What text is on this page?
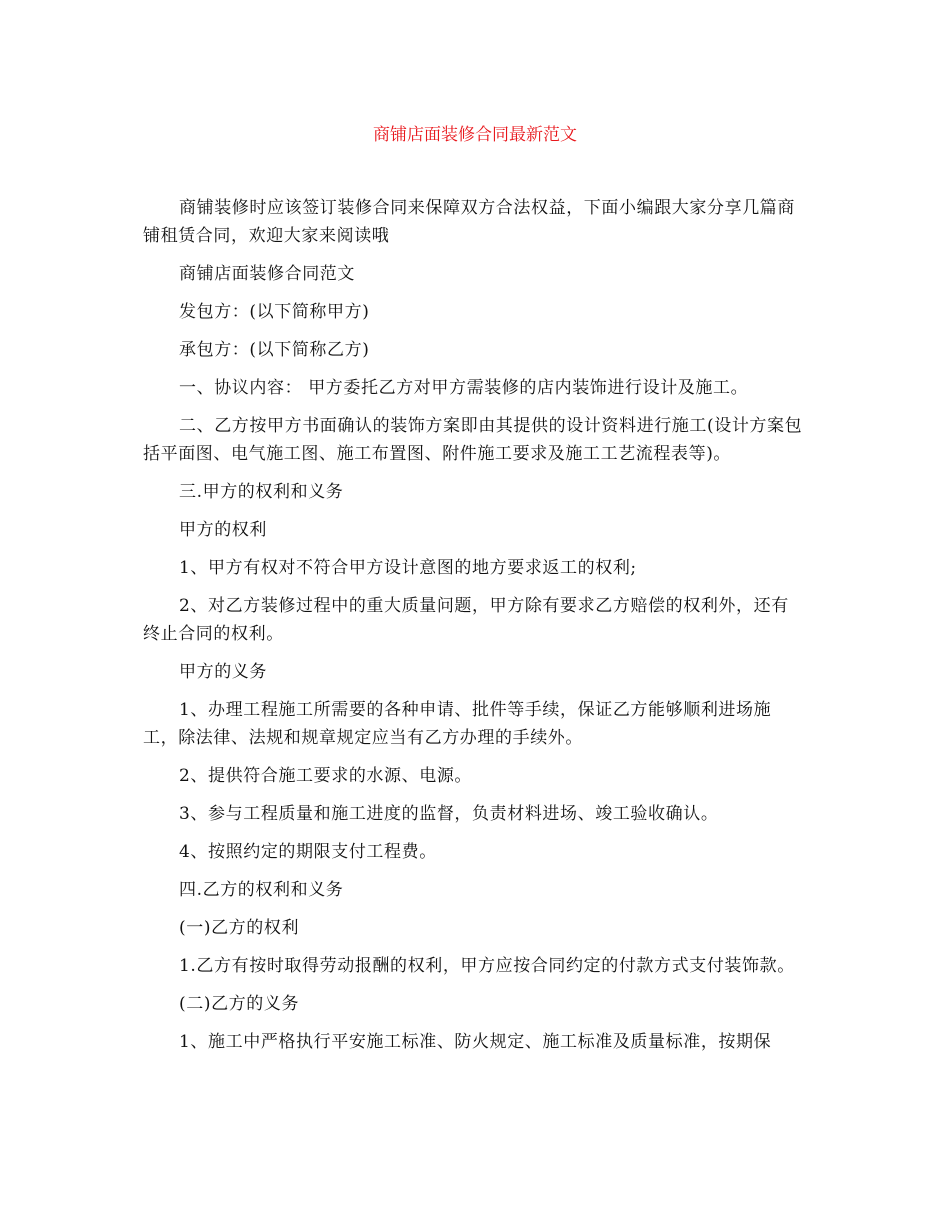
商铺店面装修合同最新范文

商铺装修时应该签订装修合同来保障双方合法权益，下面小编跟大家分享几篇商铺租赁合同，欢迎大家来阅读哦

商铺店面装修合同范文

发包方：(以下简称甲方)

承包方：(以下简称乙方)

一、协议内容： 甲方委托乙方对甲方需装修的店内装饰进行设计及施工。

二、乙方按甲方书面确认的装饰方案即由其提供的设计资料进行施工(设计方案包括平面图、电气施工图、施工布置图、附件施工要求及施工工艺流程表等)。

三.甲方的权利和义务

甲方的权利

1、甲方有权对不符合甲方设计意图的地方要求返工的权利;

2、对乙方装修过程中的重大质量问题，甲方除有要求乙方赔偿的权利外，还有终止合同的权利。

甲方的义务

1、办理工程施工所需要的各种申请、批件等手续，保证乙方能够顺利进场施工，除法律、法规和规章规定应当有乙方办理的手续外。

2、提供符合施工要求的水源、电源。

3、参与工程质量和施工进度的监督，负责材料进场、竣工验收确认。

4、按照约定的期限支付工程费。

四.乙方的权利和义务

(一)乙方的权利

1.乙方有按时取得劳动报酬的权利，甲方应按合同约定的付款方式支付装饰款。

(二)乙方的义务

1、施工中严格执行平安施工标准、防火规定、施工标准及质量标准，按期保
